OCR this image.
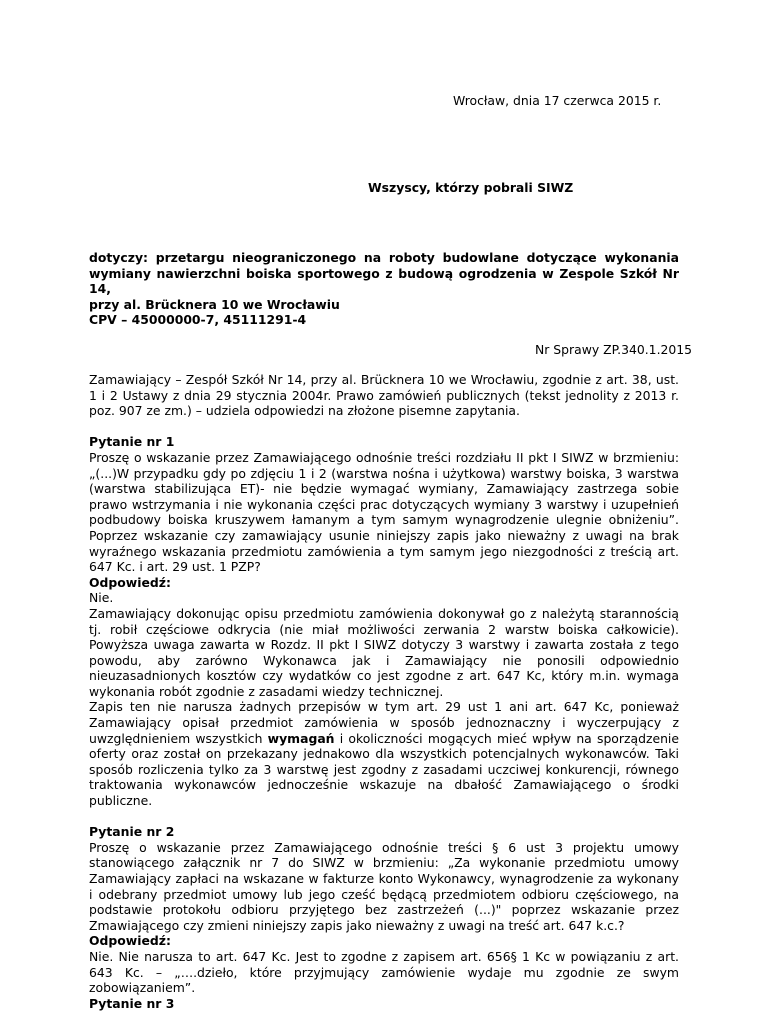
Wrocław, dnia 17 czerwca 2015 r.
Wszyscy, którzy pobrali SIWZ
dotyczy: przetargu nieograniczonego na roboty budowlane dotyczące wykonania
wymiany nawierzchni boiska sportowego z budową ogrodzenia w Zespole Szkół Nr 14,
przy al. Brücknera 10 we Wrocławiu
CPV – 45000000-7, 45111291-4
Nr Sprawy ZP.340.1.2015

Zamawiający – Zespół Szkół Nr 14, przy al. Brücknera 10 we Wrocławiu, zgodnie z art. 38, ust. 1 i 2 Ustawy z dnia 29 stycznia 2004r. Prawo zamówień publicznych (tekst jednolity z 2013 r. poz. 907 ze zm.) – udziela odpowiedzi na złożone pisemne zapytania.

Pytanie nr 1

Proszę o wskazanie przez Zamawiającego odnośnie treści rozdziału II pkt I SIWZ w brzmieniu: „(...)W przypadku gdy po zdjęciu 1 i 2 (warstwa nośna i użytkowa) warstwy boiska, 3 warstwa (warstwa stabilizująca ET)- nie będzie wymagać wymiany, Zamawiający zastrzega sobie prawo wstrzymania i nie wykonania części prac dotyczących wymiany 3 warstwy i uzupełnień podbudowy boiska kruszywem łamanym a tym samym wynagrodzenie ulegnie obniżeniu”. Poprzez wskazanie czy zamawiający usunie niniejszy zapis jako nieważny z uwagi na brak wyraźnego wskazania przedmiotu zamówienia a tym samym jego niezgodności z treścią art. 647 Kc. i art. 29 ust. 1 PZP?

Odpowiedź:

Nie.

Zamawiający dokonując opisu przedmiotu zamówienia dokonywał go z należytą starannością tj. robił częściowe odkrycia (nie miał możliwości zerwania 2 warstw boiska całkowicie). Powyższa uwaga zawarta w Rozdz. II pkt I SIWZ dotyczy 3 warstwy i zawarta została z tego powodu, aby zarówno Wykonawca jak i Zamawiający nie ponosili odpowiednio nieuzasadnionych kosztów czy wydatków co jest zgodne z art. 647 Kc, który m.in. wymaga wykonania robót zgodnie z zasadami wiedzy technicznej.

Zapis ten nie narusza żadnych przepisów w tym art. 29 ust 1 ani art. 647 Kc, ponieważ Zamawiający opisał przedmiot zamówienia w sposób jednoznaczny i wyczerpujący z uwzględnieniem wszystkich wymagań i okoliczności mogących mieć wpływ na sporządzenie oferty oraz został on przekazany jednakowo dla wszystkich potencjalnych wykonawców. Taki sposób rozliczenia tylko za 3 warstwę jest zgodny z zasadami uczciwej konkurencji, równego traktowania wykonawców jednocześnie wskazuje na dbałość Zamawiającego o środki publiczne.

Pytanie nr 2

Proszę o wskazanie przez Zamawiającego odnośnie treści § 6 ust 3 projektu umowy stanowiącego załącznik nr 7 do SIWZ w brzmieniu: „Za wykonanie przedmiotu umowy Zamawiający zapłaci na wskazane w fakturze konto Wykonawcy, wynagrodzenie za wykonany i odebrany przedmiot umowy lub jego cześć będącą przedmiotem odbioru częściowego, na podstawie protokołu odbioru przyjętego bez zastrzeżeń (...)" poprzez wskazanie przez Zmawiającego czy zmieni niniejszy zapis jako nieważny z uwagi na treść art. 647 k.c.?

Odpowiedź:

Nie. Nie narusza to art. 647 Kc. Jest to zgodne z zapisem art. 656§ 1 Kc w powiązaniu z art. 643 Kc. – „….dzieło, które przyjmujący zamówienie wydaje mu zgodnie ze swym zobowiązaniem”.

Pytanie nr 3
